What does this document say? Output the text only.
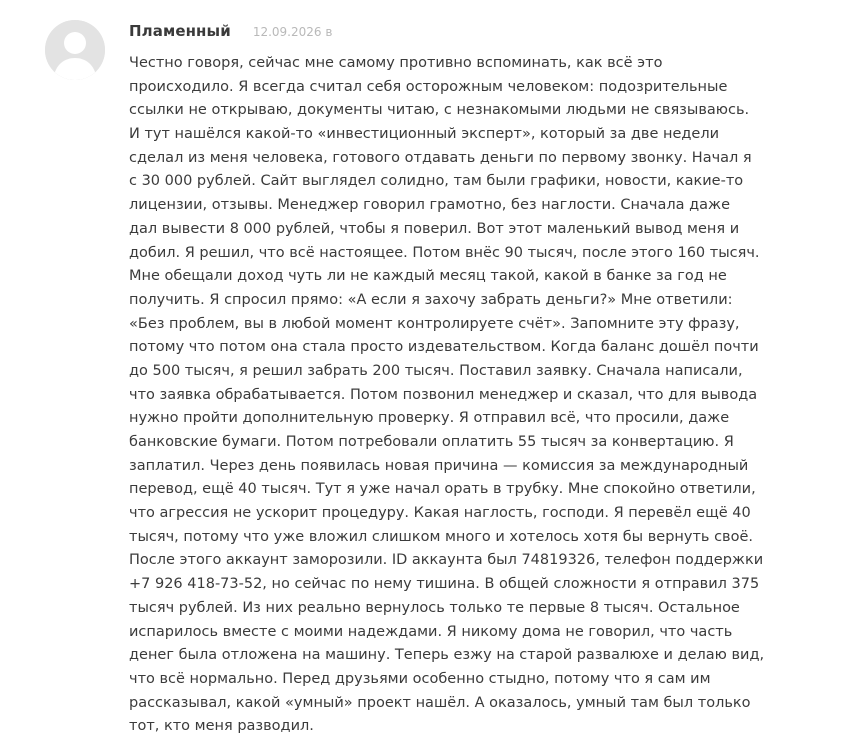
Пламенный 12.09.2026 в
Честно говоря, сейчас мне самому противно вспоминать, как всё это
происходило. Я всегда считал себя осторожным человеком: подозрительные
ссылки не открываю, документы читаю, с незнакомыми людьми не связываюсь.
И тут нашёлся какой-то «инвестиционный эксперт», который за две недели
сделал из меня человека, готового отдавать деньги по первому звонку. Начал я
с 30 000 рублей. Сайт выглядел солидно, там были графики, новости, какие-то
лицензии, отзывы. Менеджер говорил грамотно, без наглости. Сначала даже
дал вывести 8 000 рублей, чтобы я поверил. Вот этот маленький вывод меня и
добил. Я решил, что всё настоящее. Потом внёс 90 тысяч, после этого 160 тысяч.
Мне обещали доход чуть ли не каждый месяц такой, какой в банке за год не
получить. Я спросил прямо: «А если я захочу забрать деньги?» Мне ответили:
«Без проблем, вы в любой момент контролируете счёт». Запомните эту фразу,
потому что потом она стала просто издевательством. Когда баланс дошёл почти
до 500 тысяч, я решил забрать 200 тысяч. Поставил заявку. Сначала написали,
что заявка обрабатывается. Потом позвонил менеджер и сказал, что для вывода
нужно пройти дополнительную проверку. Я отправил всё, что просили, даже
банковские бумаги. Потом потребовали оплатить 55 тысяч за конвертацию. Я
заплатил. Через день появилась новая причина — комиссия за международный
перевод, ещё 40 тысяч. Тут я уже начал орать в трубку. Мне спокойно ответили,
что агрессия не ускорит процедуру. Какая наглость, господи. Я перевёл ещё 40
тысяч, потому что уже вложил слишком много и хотелось хотя бы вернуть своё.
После этого аккаунт заморозили. ID аккаунта был 74819326, телефон поддержки
+7 926 418-73-52, но сейчас по нему тишина. В общей сложности я отправил 375
тысяч рублей. Из них реально вернулось только те первые 8 тысяч. Остальное
испарилось вместе с моими надеждами. Я никому дома не говорил, что часть
денег была отложена на машину. Теперь езжу на старой развалюхе и делаю вид,
что всё нормально. Перед друзьями особенно стыдно, потому что я сам им
рассказывал, какой «умный» проект нашёл. А оказалось, умный там был только
тот, кто меня разводил.
